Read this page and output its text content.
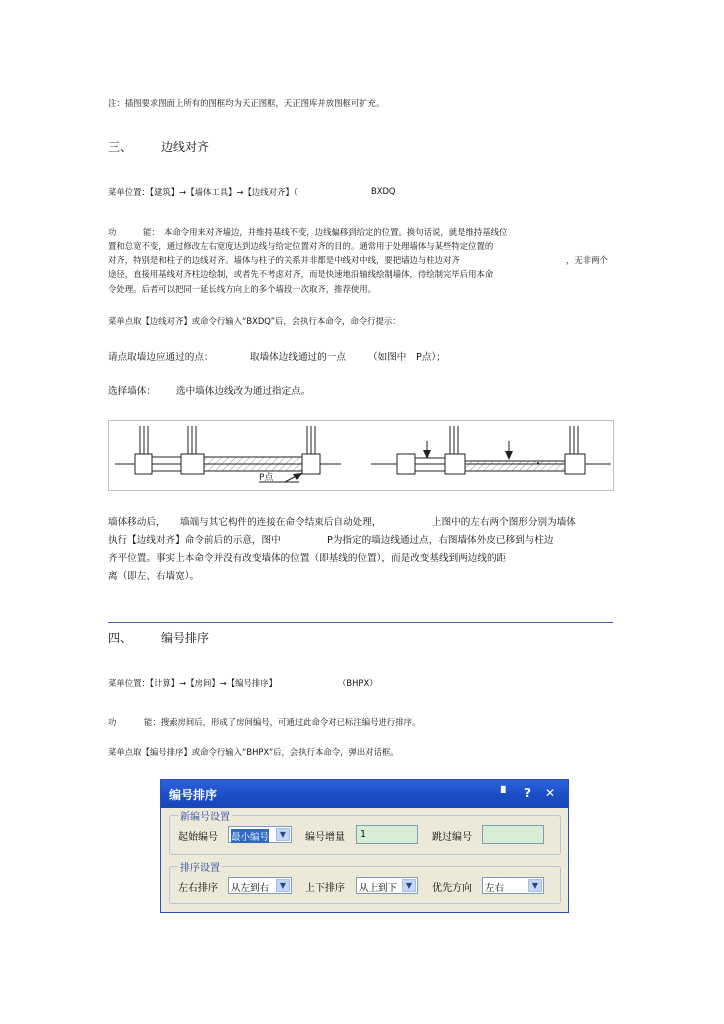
注：插图要求图面上所有的图框均为天正图框，天正图库并放图框可扩充。
三、 边线对齐
菜单位置：【建筑】→【墙体工具】→【边线对齐】（	BXDQ
功	能： 本命令用来对齐墙边，并维持基线不变，边线偏移到给定的位置。换句话说，就是维持基线位
置和总宽不变，通过修改左右宽度达到边线与给定位置对齐的目的。通常用于处理墙体与某些特定位置的
对齐，特别是和柱子的边线对齐。墙体与柱子的关系并非都是中线对中线，要把墙边与柱边对齐	，无非两个
途径，直接用基线对齐柱边绘制，或者先不考虑对齐，而是快速地沿轴线绘制墙体，待绘制完毕后用本命
令处理。后者可以把同一延长线方向上的多个墙段一次取齐，推荐使用。
菜单点取【边线对齐】或命令行输入“BXDQ”后，会执行本命令，命令行提示：
请点取墙边应通过的点：	取墙体边线通过的一点 （如图中 P点）；
选择墙体： 选中墙体边线改为通过指定点。
P点
墙体移动后， 墙端与其它构件的连接在命令结束后自动处理，	上图中的左右两个图形分别为墙体
执行【边线对齐】命令前后的示意，图中	P为指定的墙边线通过点，右图墙体外皮已移到与柱边
齐平位置。事实上本命令并没有改变墙体的位置（即基线的位置），而是改变基线到两边线的距
离（即左、右墙宽）。
四、 编号排序
菜单位置：【计算】→【房间】→【编号排序】	（BHPX）
功	能：搜索房间后，形成了房间编号，可通过此命令对已标注编号进行排序。
菜单点取【编号排序】或命令行输入“BHPX”后，会执行本命令，弹出对话框。
编号排序	▘ ? ✕
新编号设置
起始编号 最小编号	▼	编号增量 1	跳过编号
排序设置
左右排序 从左到右	▼	上下排序 从上到下	▼	优先方向 左右	▼
